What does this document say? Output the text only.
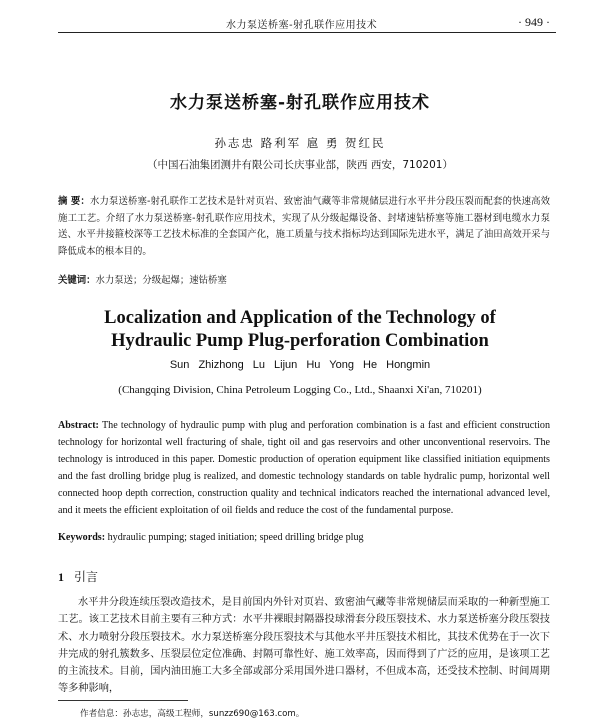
水力泵送桥塞-射孔联作应用技术	· 949 ·
水力泵送桥塞-射孔联作应用技术
孙志忠 路利军 扈 勇 贺红民
（中国石油集团测井有限公司长庆事业部，陕西 西安，710201）
摘 要：水力泵送桥塞-射孔联作工艺技术是针对页岩、致密油气藏等非常规储层进行水平井分段压裂而配套的快速高效施工工艺。介绍了水力泵送桥塞-射孔联作应用技术，实现了从分级起爆设备、封堵速钻桥塞等施工器材到电缆水力泵送、水平井接箍校深等工艺技术标准的全套国产化，施工质量与技术指标均达到国际先进水平，满足了油田高效开采与降低成本的根本目的。
关键词：水力泵送；分级起爆；速钻桥塞
Localization and Application of the Technology of
Hydraulic Pump Plug-perforation Combination
Sun Zhizhong Lu Lijun Hu Yong He Hongmin
(Changqing Division, China Petroleum Logging Co., Ltd., Shaanxi Xi'an, 710201)
Abstract: The technology of hydraulic pump with plug and perforation combination is a fast and efficient construction technology for horizontal well fracturing of shale, tight oil and gas reservoirs and other unconventional reservoirs. The technology is introduced in this paper. Domestic production of operation equipment like classified initiation equipments and the fast drolling bridge plug is realized, and domestic technology standards on table hydralic pump, horizontal well connected hoop depth correction, construction quality and technical indicators reached the international advanced level, and it meets the efficient exploitation of oil fields and reduce the cost of the fundamental purpose.
Keywords: hydraulic pumping; staged initiation; speed drilling bridge plug
1 引言
水平井分段连续压裂改造技术，是目前国内外针对页岩、致密油气藏等非常规储层而采取的一种新型施工工艺。该工艺技术目前主要有三种方式：水平井裸眼封隔器投球滑套分段压裂技术、水力泵送桥塞分段压裂技术、水力喷射分段压裂技术。水力泵送桥塞分段压裂技术与其他水平井压裂技术相比，其技术优势在于一次下井完成的射孔簇数多、压裂层位定位准确、封隔可靠性好、施工效率高，因而得到了广泛的应用，是该项工艺的主流技术。目前，国内油田施工大多全部或部分采用国外进口器材，不但成本高，还受技术控制、时间周期等多种影响，
作者信息：孙志忠，高级工程师，sunzz690@163.com。
